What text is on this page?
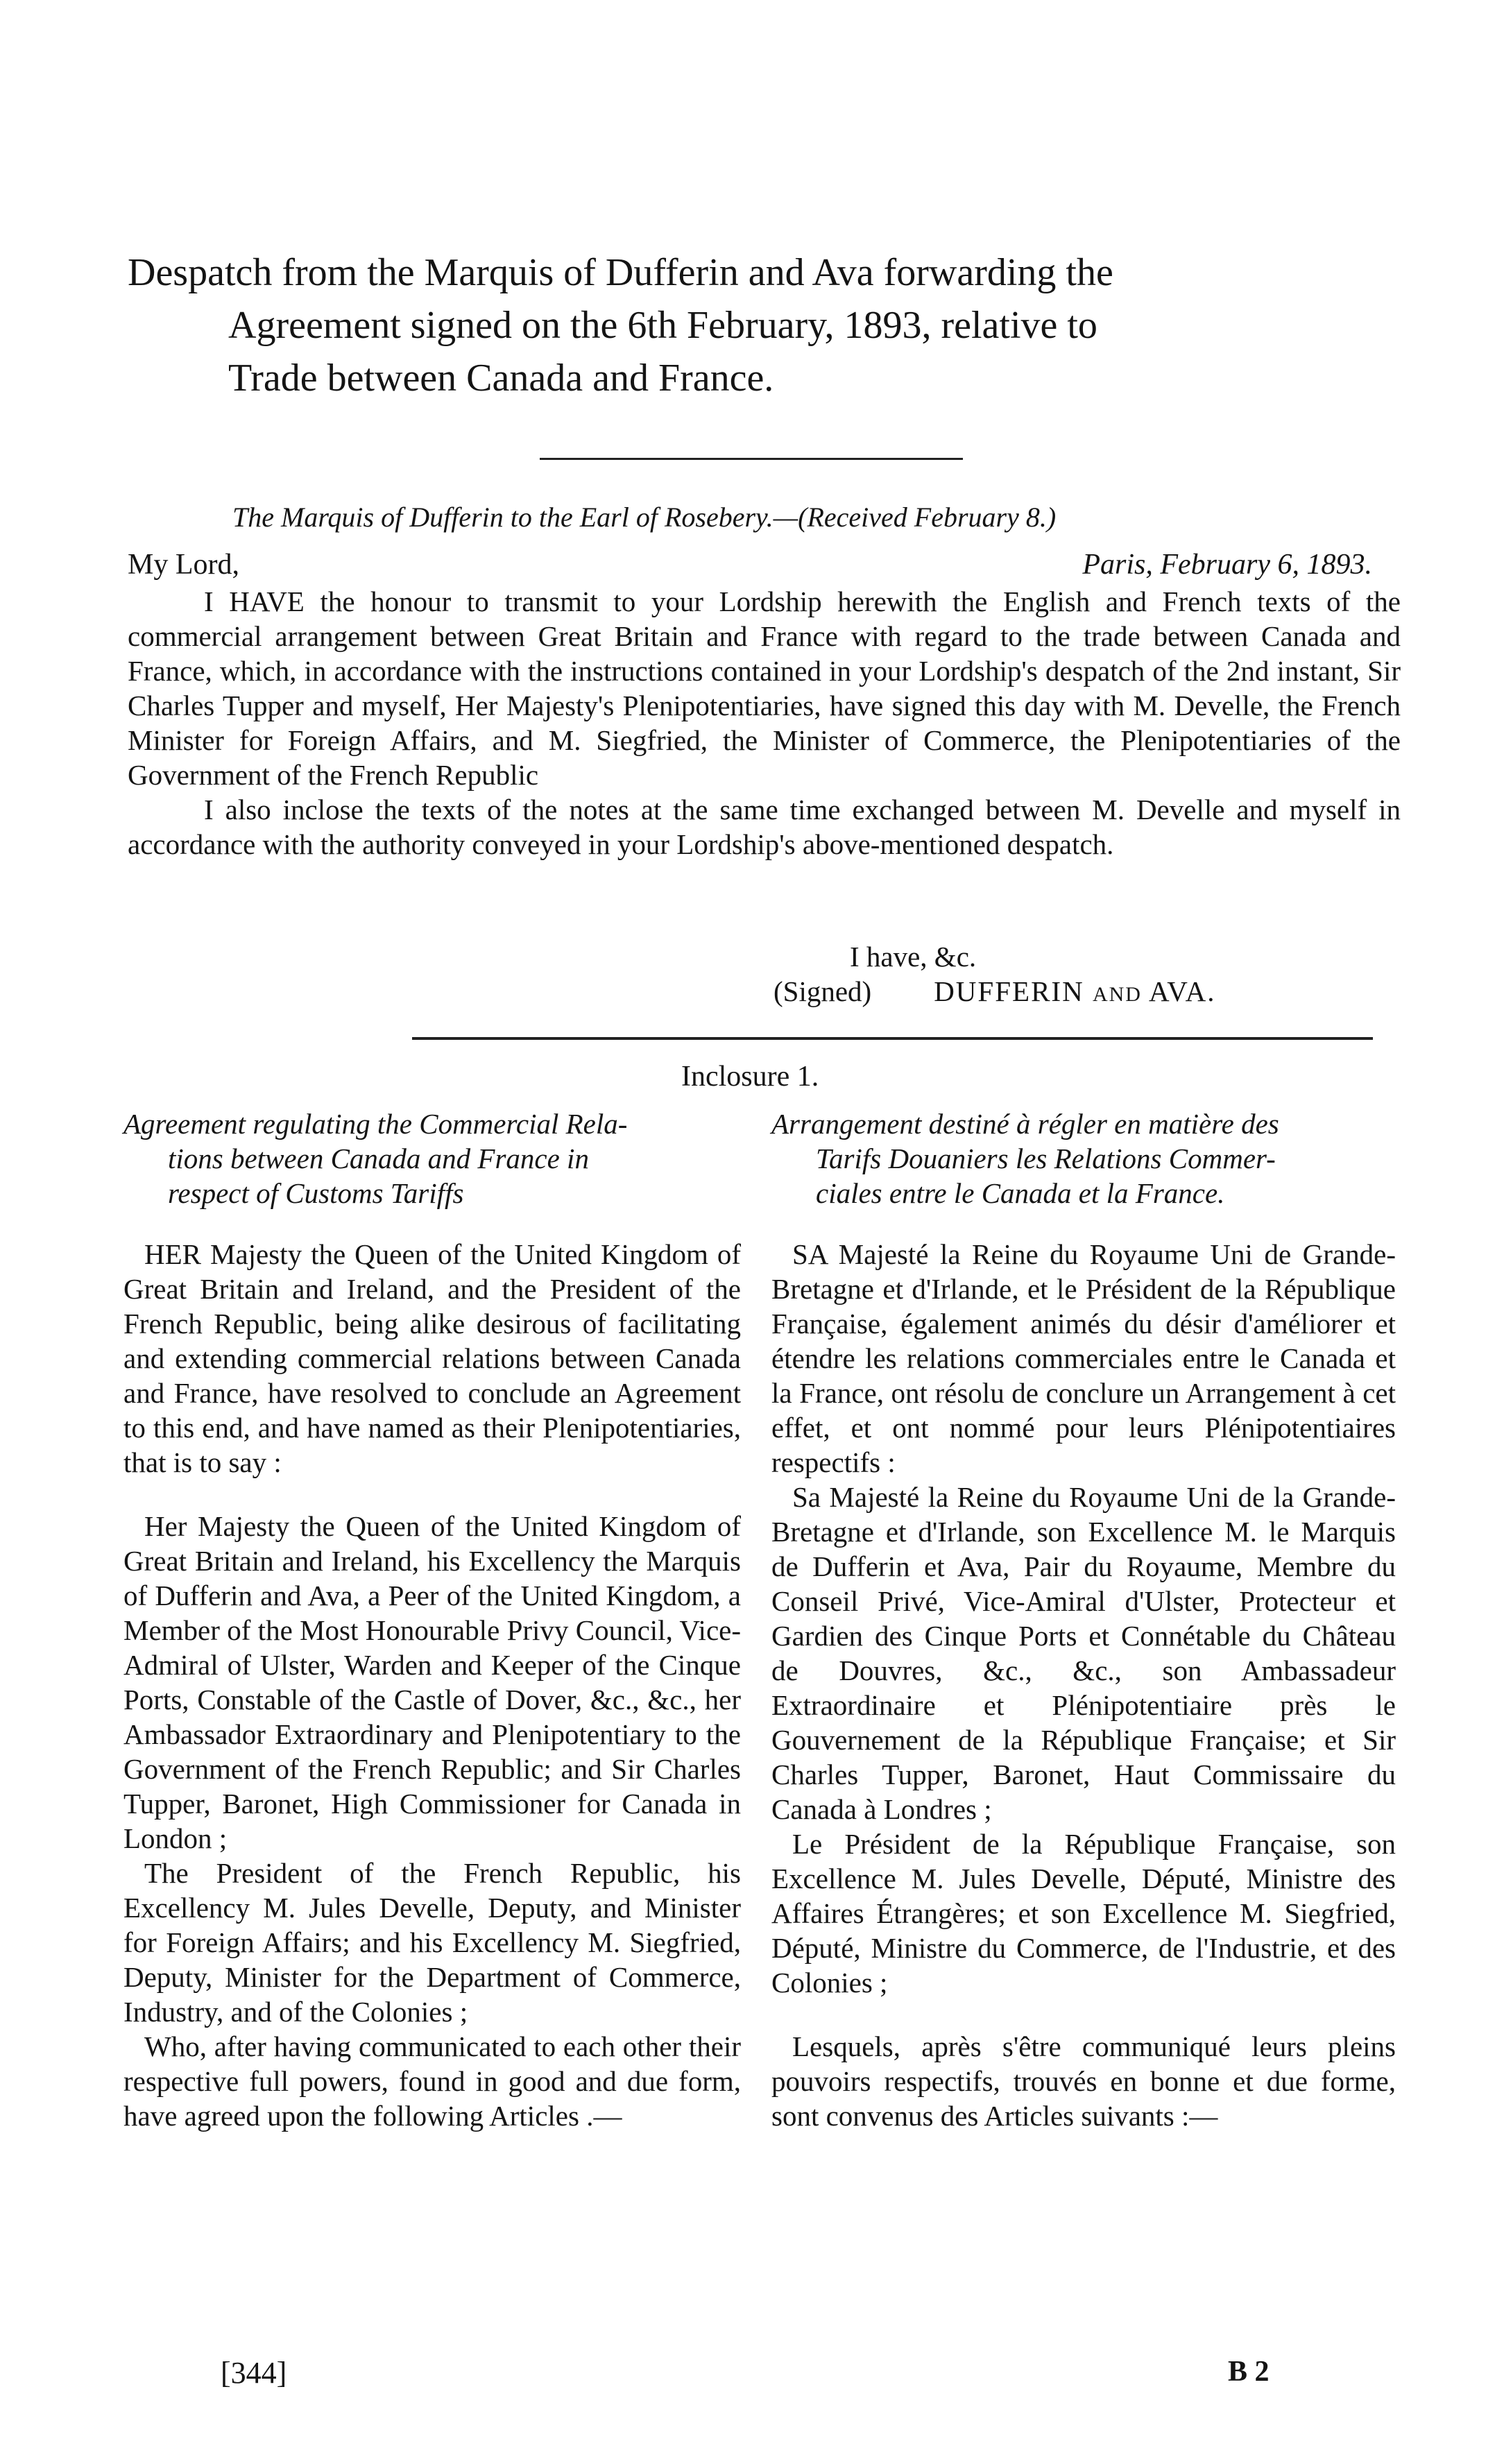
Despatch from the Marquis of Dufferin and Ava forwarding the
Agreement signed on the 6th February, 1893, relative to
Trade between Canada and France.
The Marquis of Dufferin to the Earl of Rosebery.—(Received February 8.)
My Lord,	Paris, February 6, 1893.

I HAVE the honour to transmit to your Lordship herewith the English and French texts of the commercial arrangement between Great Britain and France with regard to the trade between Canada and France, which, in accordance with the instructions contained in your Lordship's despatch of the 2nd instant, Sir Charles Tupper and myself, Her Majesty's Plenipotentiaries, have signed this day with M. Develle, the French Minister for Foreign Affairs, and M. Siegfried, the Minister of Commerce, the Plenipotentiaries of the Government of the French Republic

I also inclose the texts of the notes at the same time exchanged between M. Develle and myself in accordance with the authority conveyed in your Lordship's above-mentioned despatch.

I have, &c.
(Signed) DUFFERIN AND AVA.
Inclosure 1.
Agreement regulating the Commercial Rela-
tions between Canada and France in
respect of Customs Tariffs

HER Majesty the Queen of the United Kingdom of Great Britain and Ireland, and the President of the French Republic, being alike desirous of facilitating and extending commercial relations between Canada and France, have resolved to conclude an Agreement to this end, and have named as their Plenipotentiaries, that is to say :

Her Majesty the Queen of the United Kingdom of Great Britain and Ireland, his Excellency the Marquis of Dufferin and Ava, a Peer of the United Kingdom, a Member of the Most Honourable Privy Council, Vice-Admiral of Ulster, Warden and Keeper of the Cinque Ports, Constable of the Castle of Dover, &c., &c., her Ambassador Extraordinary and Plenipotentiary to the Government of the French Republic; and Sir Charles Tupper, Baronet, High Commissioner for Canada in London ;

The President of the French Republic, his Excellency M. Jules Develle, Deputy, and Minister for Foreign Affairs; and his Excellency M. Siegfried, Deputy, Minister for the Department of Commerce, Industry, and of the Colonies ;

Who, after having communicated to each other their respective full powers, found in good and due form, have agreed upon the following Articles .—

Arrangement destiné à régler en matière des
Tarifs Douaniers les Relations Commer-
ciales entre le Canada et la France.

SA Majesté la Reine du Royaume Uni de Grande-Bretagne et d'Irlande, et le Président de la République Française, également animés du désir d'améliorer et étendre les relations commerciales entre le Canada et la France, ont résolu de conclure un Arrangement à cet effet, et ont nommé pour leurs Plénipotentiaires respectifs :

Sa Majesté la Reine du Royaume Uni de la Grande-Bretagne et d'Irlande, son Excellence M. le Marquis de Dufferin et Ava, Pair du Royaume, Membre du Conseil Privé, Vice-Amiral d'Ulster, Protecteur et Gardien des Cinque Ports et Connétable du Château de Douvres, &c., &c., son Ambassadeur Extraordinaire et Plénipotentiaire près le Gouvernement de la République Française; et Sir Charles Tupper, Baronet, Haut Commissaire du Canada à Londres ;

Le Président de la République Française, son Excellence M. Jules Develle, Député, Ministre des Affaires Étrangères; et son Excellence M. Siegfried, Député, Ministre du Commerce, de l'Industrie, et des Colonies ;

Lesquels, après s'être communiqué leurs pleins pouvoirs respectifs, trouvés en bonne et due forme, sont convenus des Articles suivants :—

[344]	B 2
